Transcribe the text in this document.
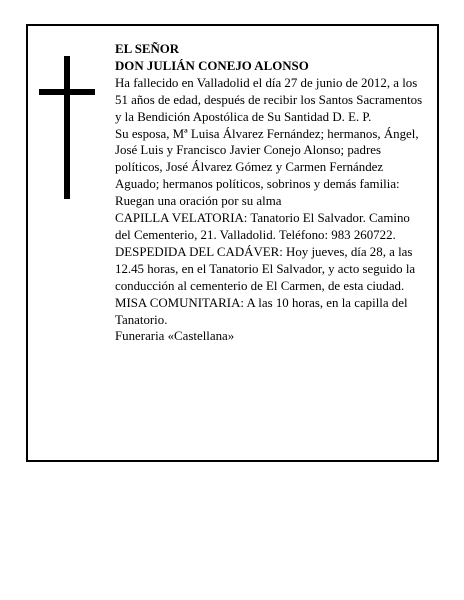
EL SEÑOR

DON JULIÁN CONEJO ALONSO

Ha fallecido en Valladolid el día 27 de junio de 2012, a los 51 años de edad, después de recibir los Santos Sacramentos y la Bendición Apostólica de Su Santidad D. E. P.

Su esposa, Mª Luisa Álvarez Fernández; hermanos, Ángel, José Luis y Francisco Javier Conejo Alonso; padres políticos, José Álvarez Gómez y Carmen Fernández Aguado; hermanos políticos, sobrinos y demás familia:

Ruegan una oración por su alma

CAPILLA VELATORIA: Tanatorio El Salvador. Camino del Cementerio, 21. Valladolid. Teléfono: 983 260722.

DESPEDIDA DEL CADÁVER: Hoy jueves, día 28, a las 12.45 horas, en el Tanatorio El Salvador, y acto seguido la conducción al cementerio de El Carmen, de esta ciudad.

MISA COMUNITARIA: A las 10 horas, en la capilla del Tanatorio.

Funeraria «Castellana»
